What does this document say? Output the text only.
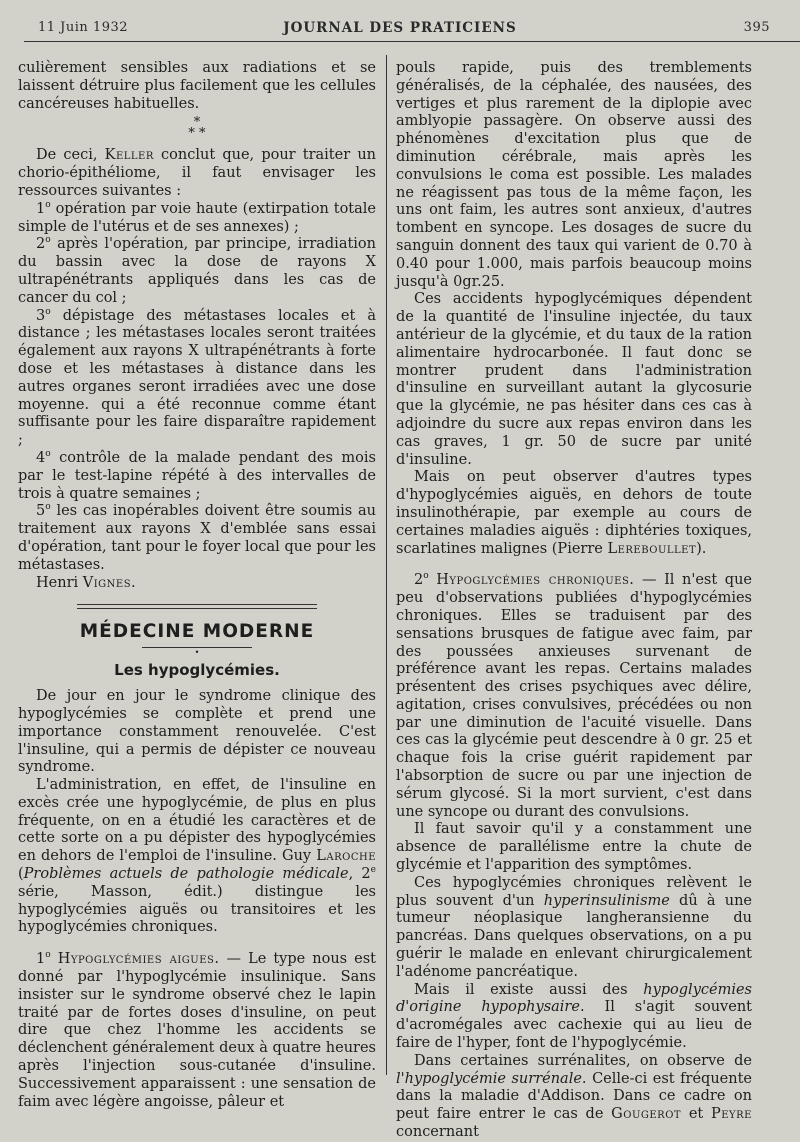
11 Juin 1932	JOURNAL DES PRATICIENS	395

culièrement sensibles aux radiations et se laissent détruire plus facilement que les cellules cancéreuses habituelles.

*
* *

De ceci, Keller conclut que, pour traiter un chorio-épithéliome, il faut envisager les ressources suivantes :

1$^o$ opération par voie haute (extirpation totale simple de l'utérus et de ses annexes) ;

2$^o$ après l'opération, par principe, irradiation du bassin avec la dose de rayons X ultrapénétrants appliqués dans les cas de cancer du col ;

3$^o$ dépistage des métastases locales et à distance ; les métastases locales seront traitées également aux rayons X ultrapénétrants à forte dose et les métastases à distance dans les autres organes seront irradiées avec une dose moyenne. qui a été reconnue comme étant suffisante pour les faire disparaître rapidement ;

4$^o$ contrôle de la malade pendant des mois par le test-lapine répété à des intervalles de trois à quatre semaines ;

5$^o$ les cas inopérables doivent être soumis au traitement aux rayons X d'emblée sans essai d'opération, tant pour le foyer local que pour les métastases.

Henri Vignes.

MÉDECINE MODERNE
•
Les hypoglycémies.

De jour en jour le syndrome clinique des hypoglycémies se complète et prend une importance constamment renouvelée. C'est l'insuline, qui a permis de dépister ce nouveau syndrome.

L'administration, en effet, de l'insuline en excès crée une hypoglycémie, de plus en plus fréquente, on en a étudié les caractères et de cette sorte on a pu dépister des hypoglycémies en dehors de l'emploi de l'insuline. Guy Laroche (Problèmes actuels de pathologie médicale, 2e série, Masson, édit.) distingue les hypoglycémies aiguës ou transitoires et les hypoglycémies chroniques.

1$^o$ Hypoglycémies aigues. — Le type nous est donné par l'hypoglycémie insulinique. Sans insister sur le syndrome observé chez le lapin traité par de fortes doses d'insuline, on peut dire que chez l'homme les accidents se déclenchent généralement deux à quatre heures après l'injection sous-cutanée d'insuline. Successivement apparaissent : une sensation de faim avec légère angoisse, pâleur et

pouls rapide, puis des tremblements généralisés, de la céphalée, des nausées, des vertiges et plus rarement de la diplopie avec amblyopie passagère. On observe aussi des phénomènes d'excitation plus que de diminution cérébrale, mais après les convulsions le coma est possible. Les malades ne réagissent pas tous de la même façon, les uns ont faim, les autres sont anxieux, d'autres tombent en syncope. Les dosages de sucre du sanguin donnent des taux qui varient de 0.70 à 0.40 pour 1.000, mais parfois beaucoup moins jusqu'à 0gr.25.

Ces accidents hypoglycémiques dépendent de la quantité de l'insuline injectée, du taux antérieur de la glycémie, et du taux de la ration alimentaire hydrocarbonée. Il faut donc se montrer prudent dans l'administration d'insuline en surveillant autant la glycosurie que la glycémie, ne pas hésiter dans ces cas à adjoindre du sucre aux repas environ dans les cas graves, 1 gr. 50 de sucre par unité d'insuline.

Mais on peut observer d'autres types d'hypoglycémies aiguës, en dehors de toute insulinothérapie, par exemple au cours de certaines maladies aiguës : diphtéries toxiques, scarlatines malignes (Pierre Lereboullet).

2$^o$ Hypoglycémies chroniques. — Il n'est que peu d'observations publiées d'hypoglycémies chroniques. Elles se traduisent par des sensations brusques de fatigue avec faim, par des poussées anxieuses survenant de préférence avant les repas. Certains malades présentent des crises psychiques avec délire, agitation, crises convulsives, précédées ou non par une diminution de l'acuité visuelle. Dans ces cas la glycémie peut descendre à 0 gr. 25 et chaque fois la crise guérit rapidement par l'absorption de sucre ou par une injection de sérum glycosé. Si la mort survient, c'est dans une syncope ou durant des convulsions.

Il faut savoir qu'il y a constamment une absence de parallélisme entre la chute de glycémie et l'apparition des symptômes.

Ces hypoglycémies chroniques relèvent le plus souvent d'un hyperinsulinisme dû à une tumeur néoplasique langheransienne du pancréas. Dans quelques observations, on a pu guérir le malade en enlevant chirurgicalement l'adénome pancréatique.

Mais il existe aussi des hypoglycémies d'origine hypophysaire. Il s'agit souvent d'acromégales avec cachexie qui au lieu de faire de l'hyper, font de l'hypoglycémie.

Dans certaines surrénalites, on observe de l'hypoglycémie surrénale. Celle-ci est fréquente dans la maladie d'Addison. Dans ce cadre on peut faire entrer le cas de Gougerot et Peyre concernant
